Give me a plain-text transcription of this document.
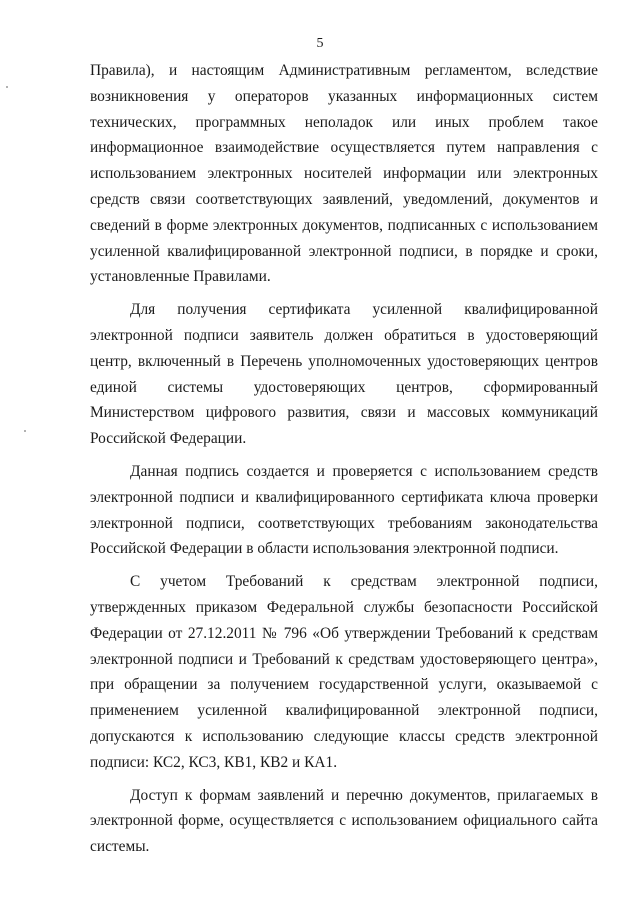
5

Правила), и настоящим Административным регламентом, вследствие возникновения у операторов указанных информационных систем технических, программных неполадок или иных проблем такое информационное взаимодействие осуществляется путем направления с использованием электронных носителей информации или электронных средств связи соответствующих заявлений, уведомлений, документов и сведений в форме электронных документов, подписанных с использованием усиленной квалифицированной электронной подписи, в порядке и сроки, установленные Правилами.

Для получения сертификата усиленной квалифицированной электронной подписи заявитель должен обратиться в удостоверяющий центр, включенный в Перечень уполномоченных удостоверяющих центров единой системы удостоверяющих центров, сформированный Министерством цифрового развития, связи и массовых коммуникаций Российской Федерации.

Данная подпись создается и проверяется с использованием средств электронной подписи и квалифицированного сертификата ключа проверки электронной подписи, соответствующих требованиям законодательства Российской Федерации в области использования электронной подписи.

С учетом Требований к средствам электронной подписи, утвержденных приказом Федеральной службы безопасности Российской Федерации от 27.12.2011 № 796 «Об утверждении Требований к средствам электронной подписи и Требований к средствам удостоверяющего центра», при обращении за получением государственной услуги, оказываемой с применением усиленной квалифицированной электронной подписи, допускаются к использованию следующие классы средств электронной подписи: КС2, КС3, КВ1, КВ2 и КА1.

Доступ к формам заявлений и перечню документов, прилагаемых в электронной форме, осуществляется с использованием официального сайта системы.
